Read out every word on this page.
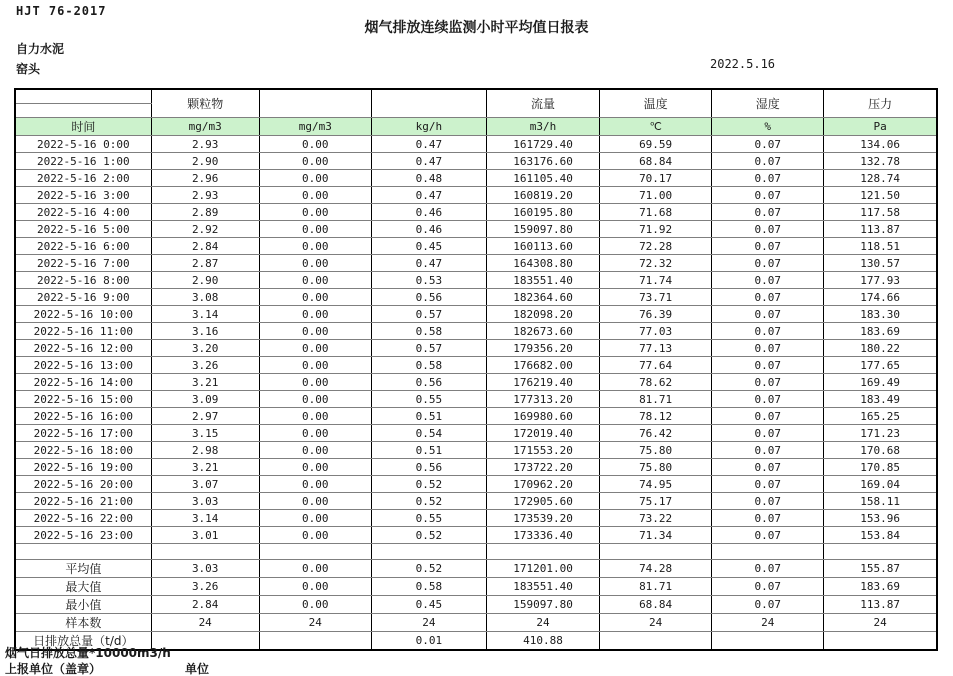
HJT 76-2017
烟气排放连续监测小时平均值日报表
自力水泥
窑头	2022.5.16
	颗粒物			流量	温度	湿度	压力

时间	mg/m3	mg/m3	kg/h	m3/h	℃	%	Pa
2022-5-16 0:00	2.93	0.00	0.47	161729.40	69.59	0.07	134.06
2022-5-16 1:00	2.90	0.00	0.47	163176.60	68.84	0.07	132.78
2022-5-16 2:00	2.96	0.00	0.48	161105.40	70.17	0.07	128.74
2022-5-16 3:00	2.93	0.00	0.47	160819.20	71.00	0.07	121.50
2022-5-16 4:00	2.89	0.00	0.46	160195.80	71.68	0.07	117.58
2022-5-16 5:00	2.92	0.00	0.46	159097.80	71.92	0.07	113.87
2022-5-16 6:00	2.84	0.00	0.45	160113.60	72.28	0.07	118.51
2022-5-16 7:00	2.87	0.00	0.47	164308.80	72.32	0.07	130.57
2022-5-16 8:00	2.90	0.00	0.53	183551.40	71.74	0.07	177.93
2022-5-16 9:00	3.08	0.00	0.56	182364.60	73.71	0.07	174.66
2022-5-16 10:00	3.14	0.00	0.57	182098.20	76.39	0.07	183.30
2022-5-16 11:00	3.16	0.00	0.58	182673.60	77.03	0.07	183.69
2022-5-16 12:00	3.20	0.00	0.57	179356.20	77.13	0.07	180.22
2022-5-16 13:00	3.26	0.00	0.58	176682.00	77.64	0.07	177.65
2022-5-16 14:00	3.21	0.00	0.56	176219.40	78.62	0.07	169.49
2022-5-16 15:00	3.09	0.00	0.55	177313.20	81.71	0.07	183.49
2022-5-16 16:00	2.97	0.00	0.51	169980.60	78.12	0.07	165.25
2022-5-16 17:00	3.15	0.00	0.54	172019.40	76.42	0.07	171.23
2022-5-16 18:00	2.98	0.00	0.51	171553.20	75.80	0.07	170.68
2022-5-16 19:00	3.21	0.00	0.56	173722.20	75.80	0.07	170.85
2022-5-16 20:00	3.07	0.00	0.52	170962.20	74.95	0.07	169.04
2022-5-16 21:00	3.03	0.00	0.52	172905.60	75.17	0.07	158.11
2022-5-16 22:00	3.14	0.00	0.55	173539.20	73.22	0.07	153.96
2022-5-16 23:00	3.01	0.00	0.52	173336.40	71.34	0.07	153.84

平均值	3.03	0.00	0.52	171201.00	74.28	0.07	155.87
最大值	3.26	0.00	0.58	183551.40	81.71	0.07	183.69
最小值	2.84	0.00	0.45	159097.80	68.84	0.07	113.87
样本数	24	24	24	24	24	24	24
日排放总量（t/d）			0.01	410.88			
烟气日排放总量*10000m3/h
上报单位（盖章）	单位
